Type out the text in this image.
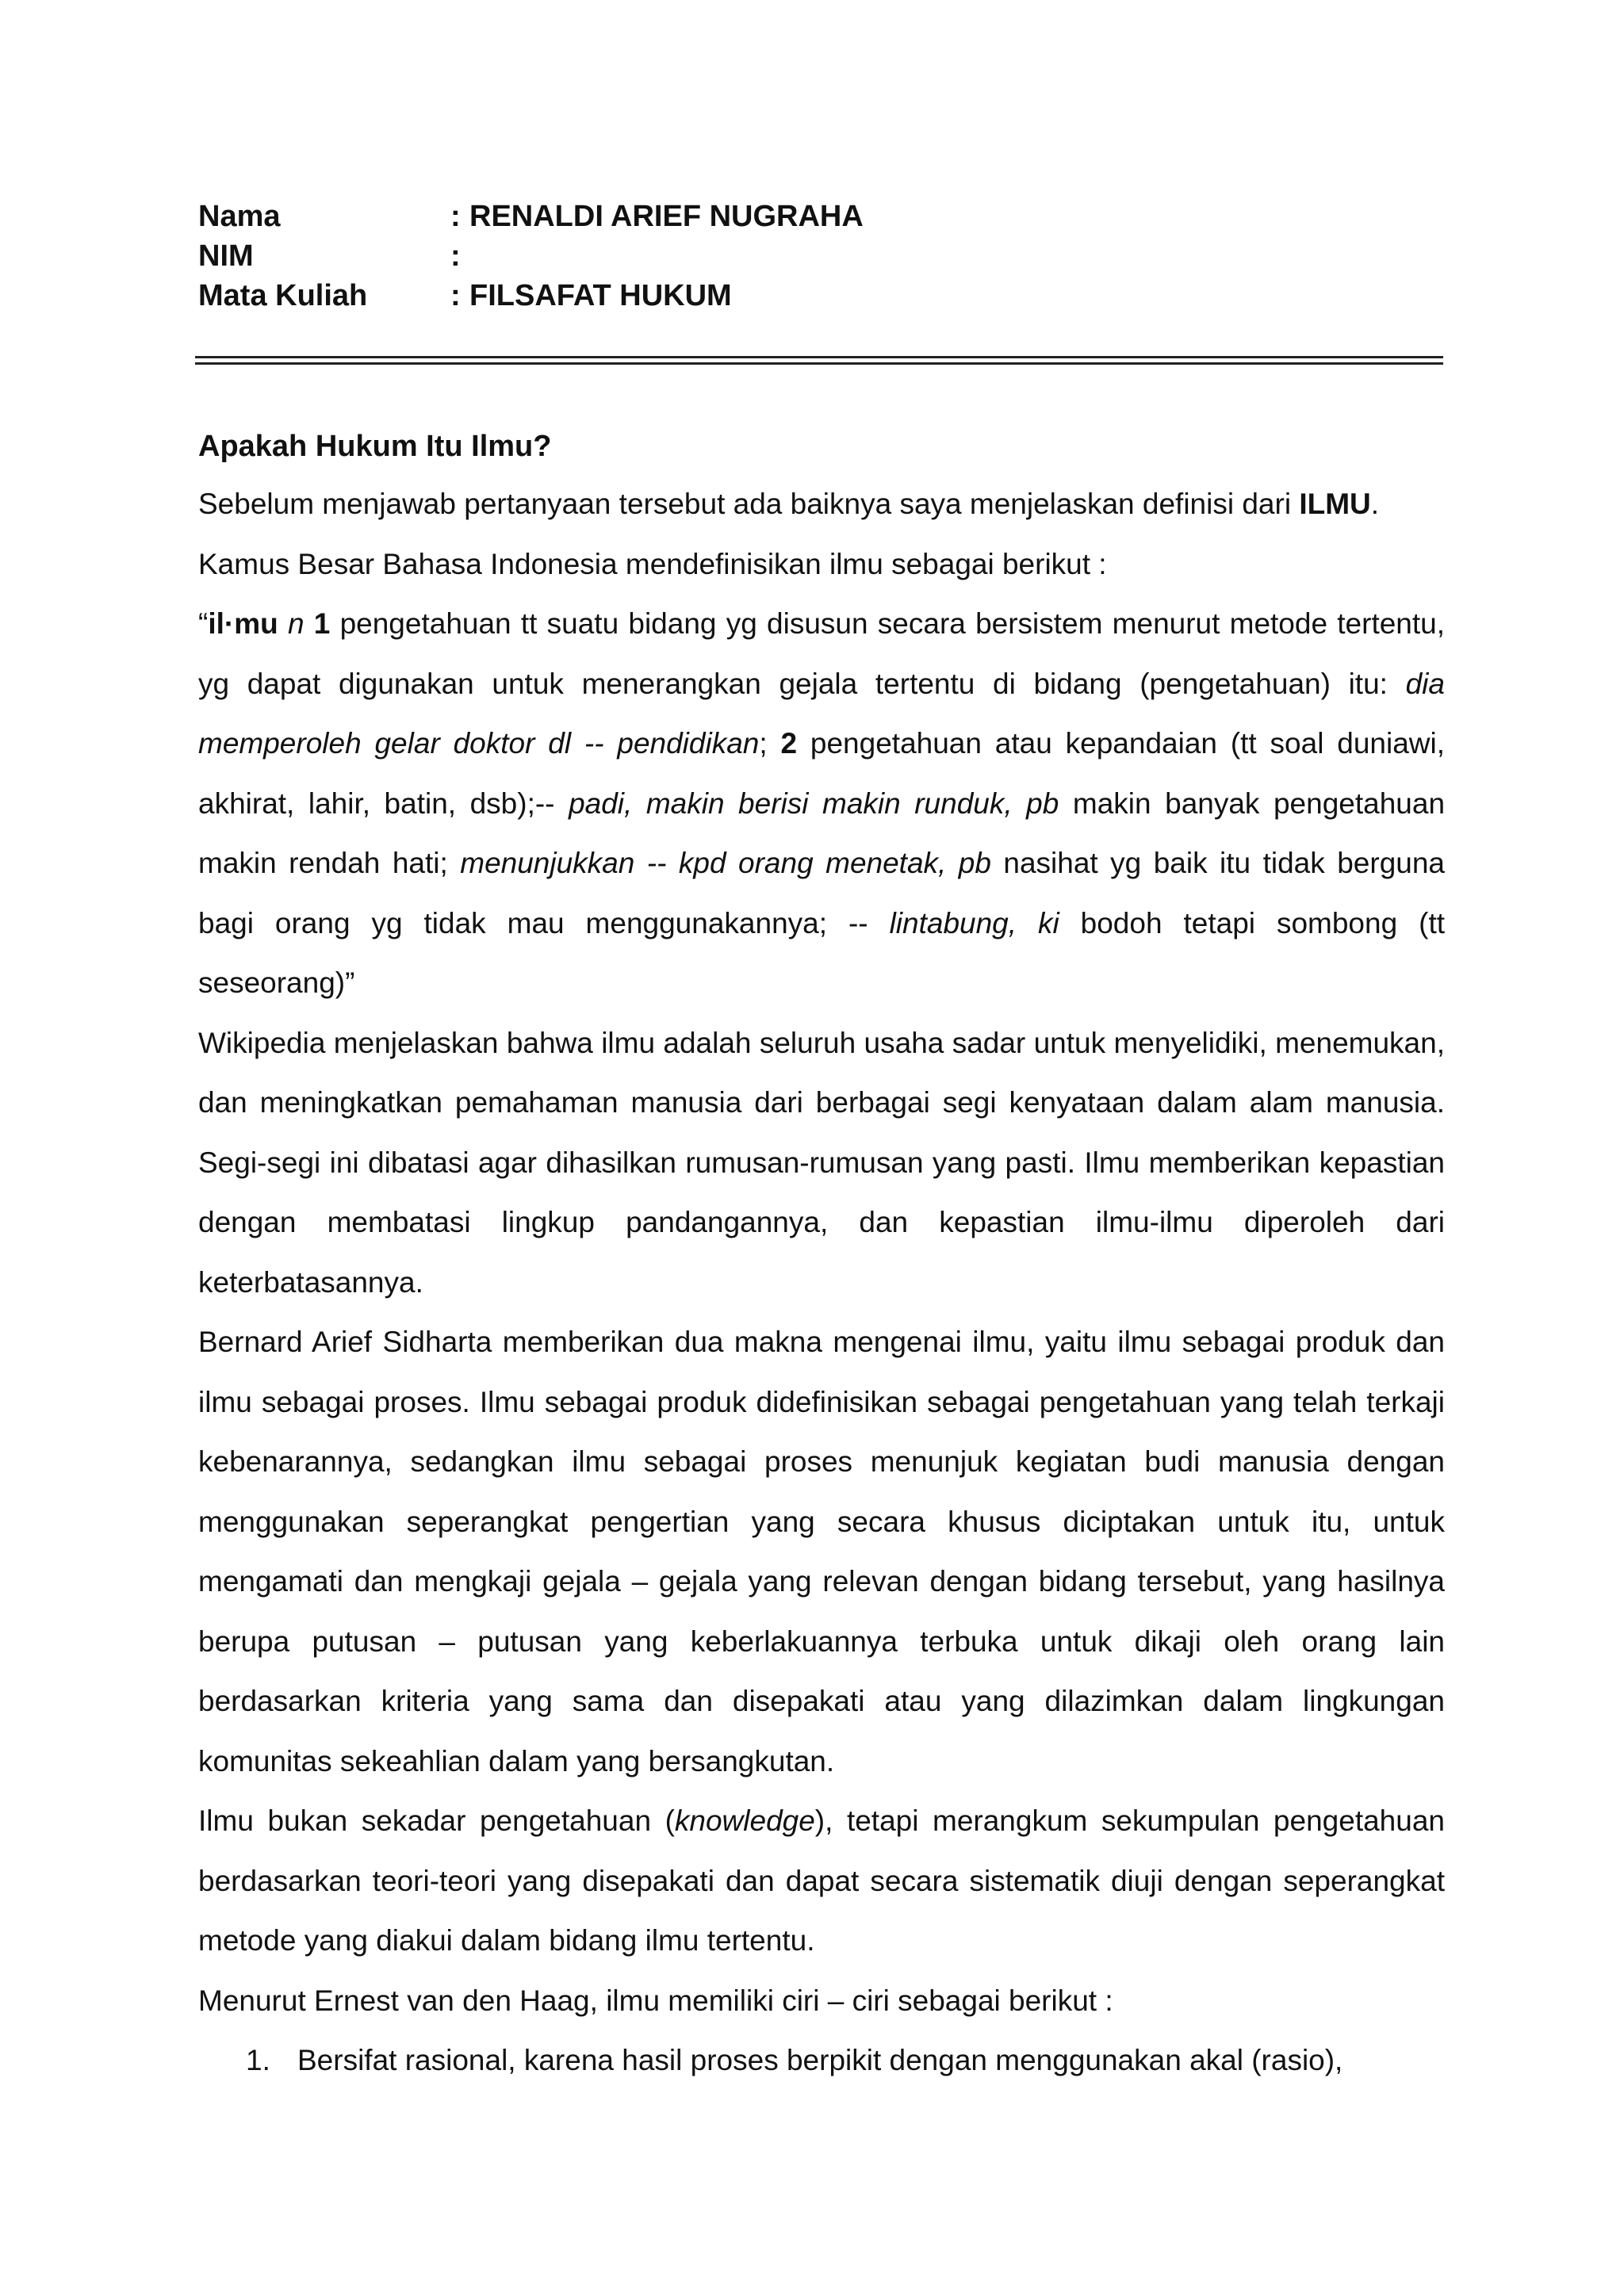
Nama	: RENALDI ARIEF NUGRAHA
NIM	:
Mata Kuliah	: FILSAFAT HUKUM

Apakah Hukum Itu Ilmu?

Sebelum menjawab pertanyaan tersebut ada baiknya saya menjelaskan definisi dari ILMU.

Kamus Besar Bahasa Indonesia mendefinisikan ilmu sebagai berikut :

“il·mu n 1 pengetahuan tt suatu bidang yg disusun secara bersistem menurut metode tertentu, yg dapat digunakan untuk menerangkan gejala tertentu di bidang (pengetahuan) itu: dia memperoleh gelar doktor dl -- pendidikan; 2 pengetahuan atau kepandaian (tt soal duniawi, akhirat, lahir, batin, dsb);-- padi, makin berisi makin runduk, pb makin banyak pengetahuan makin rendah hati; menunjukkan -- kpd orang menetak, pb nasihat yg baik itu tidak berguna bagi orang yg tidak mau menggunakannya; -- lintabung, ki bodoh tetapi sombong (tt seseorang)”

Wikipedia menjelaskan bahwa ilmu adalah seluruh usaha sadar untuk menyelidiki, menemukan, dan meningkatkan pemahaman manusia dari berbagai segi kenyataan dalam alam manusia. Segi-segi ini dibatasi agar dihasilkan rumusan-rumusan yang pasti. Ilmu memberikan kepastian dengan membatasi lingkup pandangannya, dan kepastian ilmu-ilmu diperoleh dari keterbatasannya.

Bernard Arief Sidharta memberikan dua makna mengenai ilmu, yaitu ilmu sebagai produk dan ilmu sebagai proses. Ilmu sebagai produk didefinisikan sebagai pengetahuan yang telah terkaji kebenarannya, sedangkan ilmu sebagai proses menunjuk kegiatan budi manusia dengan menggunakan seperangkat pengertian yang secara khusus diciptakan untuk itu, untuk mengamati dan mengkaji gejala – gejala yang relevan dengan bidang tersebut, yang hasilnya berupa putusan – putusan yang keberlakuannya terbuka untuk dikaji oleh orang lain berdasarkan kriteria yang sama dan disepakati atau yang dilazimkan dalam lingkungan komunitas sekeahlian dalam yang bersangkutan.

Ilmu bukan sekadar pengetahuan (knowledge), tetapi merangkum sekumpulan pengetahuan berdasarkan teori-teori yang disepakati dan dapat secara sistematik diuji dengan seperangkat metode yang diakui dalam bidang ilmu tertentu.

Menurut Ernest van den Haag, ilmu memiliki ciri – ciri sebagai berikut :

1. Bersifat rasional, karena hasil proses berpikit dengan menggunakan akal (rasio),
